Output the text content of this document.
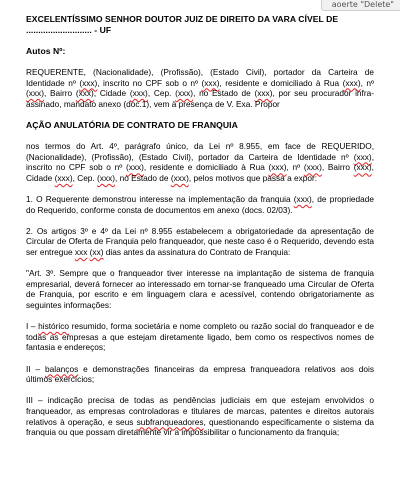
aoerte "Delete"

EXCELENTÍSSIMO SENHOR DOUTOR JUIZ DE DIREITO DA VARA CÍVEL DE
........................... - UF

Autos Nº:

REQUERENTE, (Nacionalidade), (Profissão), (Estado Civil), portador da Carteira de Identidade nº (xxx), inscrito no CPF sob o nº (xxx), residente e domiciliado à Rua (xxx), nº (xxx), Bairro (xxx), Cidade (xxx), Cep. (xxx), no Estado de (xxx), por seu procurador infra-assinado, mandato anexo (doc.1), vem à presença de V. Exa. Propor

AÇÃO ANULATÓRIA DE CONTRATO DE FRANQUIA

nos termos do Art. 4º, parágrafo único, da Lei nº 8.955, em face de REQUERIDO, (Nacionalidade), (Profissão), (Estado Civil), portador da Carteira de Identidade nº (xxx), inscrito no CPF sob o nº (xxx), residente e domiciliado à Rua (xxx), nº (xxx), Bairro (xxx), Cidade (xxx), Cep. (xxx), no Estado de (xxx), pelos motivos que passa a expor:

1. O Requerente demonstrou interesse na implementação da franquia (xxx), de propriedade do Requerido, conforme consta de documentos em anexo (docs. 02/03).

2. Os artigos 3º e 4º da Lei nº 8.955 estabelecem a obrigatoriedade da apresentação de Circular de Oferta de Franquia pelo franqueador, que neste caso é o Requerido, devendo esta ser entregue xxx (xx) dias antes da assinatura do Contrato de Franquia:

"Art. 3º. Sempre que o franqueador tiver interesse na implantação de sistema de franquia empresarial, deverá fornecer ao interessado em tornar-se franqueado uma Circular de Oferta de Franquia, por escrito e em linguagem clara e acessível, contendo obrigatoriamente as seguintes informações:

I – histórico resumido, forma societária e nome completo ou razão social do franqueador e de todas as empresas a que estejam diretamente ligado, bem como os respectivos nomes de fantasia e endereços;

II – balanços e demonstrações financeiras da empresa franqueadora relativos aos dois últimos exercícios;

III – indicação precisa de todas as pendências judiciais em que estejam envolvidos o franqueador, as empresas controladoras e titulares de marcas, patentes e direitos autorais relativos à operação, e seus subfranqueadores, questionando especificamente o sistema da franquia ou que possam diretamente vir a impossibilitar o funcionamento da franquia;
